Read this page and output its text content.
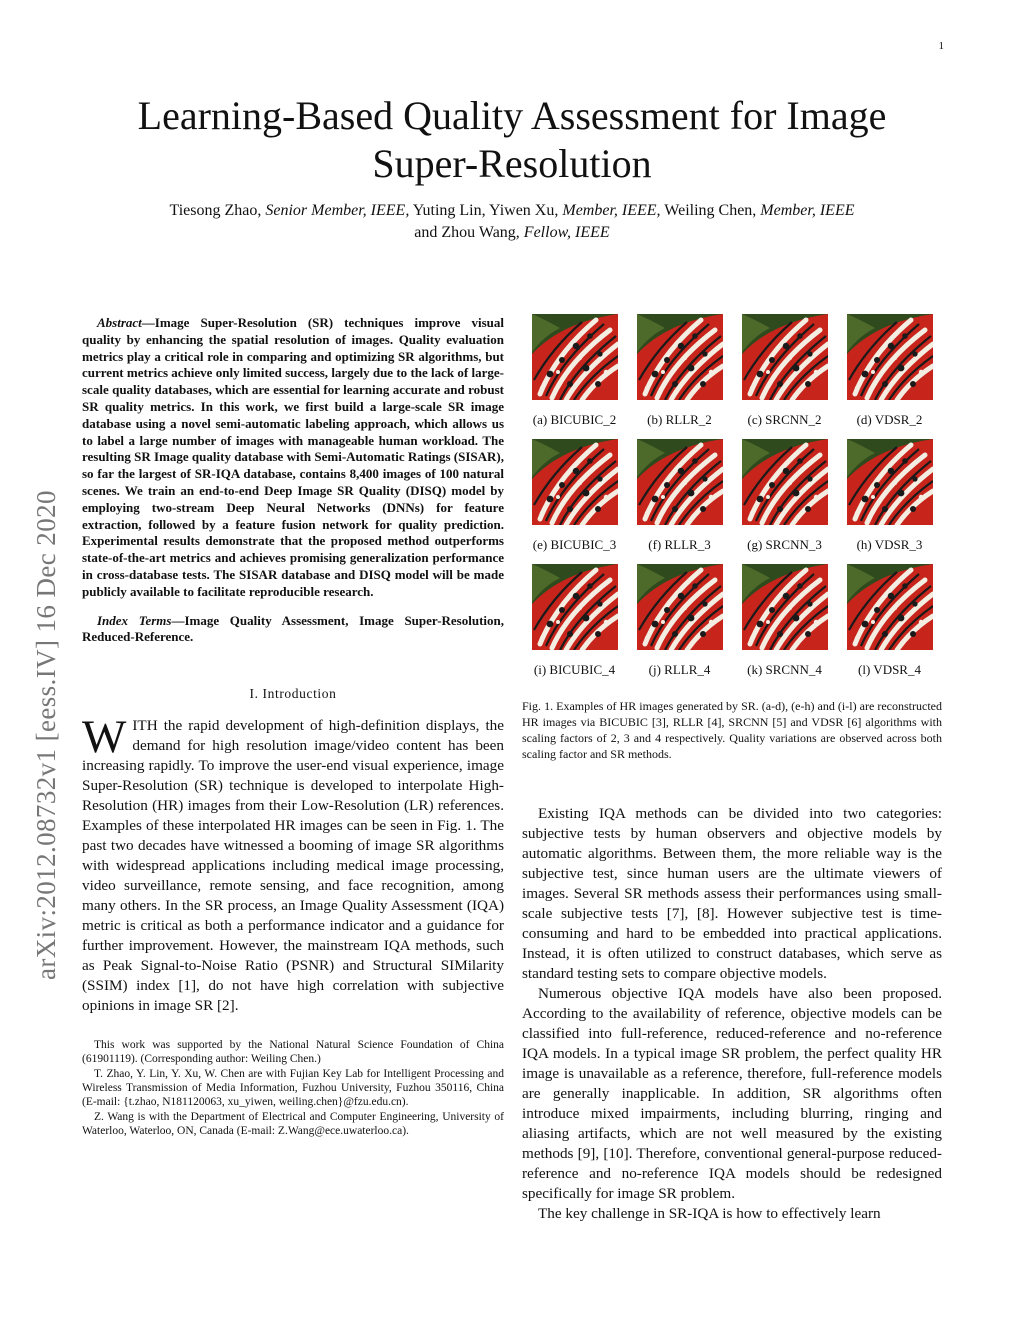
1
Learning-Based Quality Assessment for Image
Super-Resolution
Tiesong Zhao, Senior Member, IEEE, Yuting Lin, Yiwen Xu, Member, IEEE, Weiling Chen, Member, IEEE
and Zhou Wang, Fellow, IEEE
arXiv:2012.08732v1 [eess.IV] 16 Dec 2020

Abstract—Image Super-Resolution (SR) techniques improve visual quality by enhancing the spatial resolution of images. Quality evaluation metrics play a critical role in comparing and optimizing SR algorithms, but current metrics achieve only limited success, largely due to the lack of large-scale quality databases, which are essential for learning accurate and robust SR quality metrics. In this work, we first build a large-scale SR image database using a novel semi-automatic labeling approach, which allows us to label a large number of images with manageable human workload. The resulting SR Image quality database with Semi-Automatic Ratings (SISAR), so far the largest of SR-IQA database, contains 8,400 images of 100 natural scenes. We train an end-to-end Deep Image SR Quality (DISQ) model by employing two-stream Deep Neural Networks (DNNs) for feature extraction, followed by a feature fusion network for quality prediction. Experimental results demonstrate that the proposed method outperforms state-of-the-art metrics and achieves promising generalization performance in cross-database tests. The SISAR database and DISQ model will be made publicly available to facilitate reproducible research.

Index Terms—Image Quality Assessment, Image Super-Resolution, Reduced-Reference.

I. Introduction

WITH the rapid development of high-definition displays, the demand for high resolution image/video content has been increasing rapidly. To improve the user-end visual experience, image Super-Resolution (SR) technique is developed to interpolate High-Resolution (HR) images from their Low-Resolution (LR) references. Examples of these interpolated HR images can be seen in Fig. 1. The past two decades have witnessed a booming of image SR algorithms with widespread applications including medical image processing, video surveillance, remote sensing, and face recognition, among many others. In the SR process, an Image Quality Assessment (IQA) metric is critical as both a performance indicator and a guidance for further improvement. However, the mainstream IQA methods, such as Peak Signal-to-Noise Ratio (PSNR) and Structural SIMilarity (SSIM) index [1], do not have high correlation with subjective opinions in image SR [2].

This work was supported by the National Natural Science Foundation of China (61901119). (Corresponding author: Weiling Chen.)

T. Zhao, Y. Lin, Y. Xu, W. Chen are with Fujian Key Lab for Intelligent Processing and Wireless Transmission of Media Information, Fuzhou University, Fuzhou 350116, China (E-mail: {t.zhao, N181120063, xu_yiwen, weiling.chen}@fzu.edu.cn).

Z. Wang is with the Department of Electrical and Computer Engineering, University of Waterloo, Waterloo, ON, Canada (E-mail: Z.Wang@ece.uwaterloo.ca).

(a) BICUBIC_2 (b) RLLR_2	(c) SRCNN_2	(d) VDSR_2
(e) BICUBIC_3 (f) RLLR_3	(g) SRCNN_3	(h) VDSR_3
(i) BICUBIC_4	(j) RLLR_4	(k) SRCNN_4	(l) VDSR_4

Fig. 1. Examples of HR images generated by SR. (a-d), (e-h) and (i-l) are reconstructed HR images via BICUBIC [3], RLLR [4], SRCNN [5] and VDSR [6] algorithms with scaling factors of 2, 3 and 4 respectively. Quality variations are observed across both scaling factor and SR methods.

Existing IQA methods can be divided into two categories: subjective tests by human observers and objective models by automatic algorithms. Between them, the more reliable way is the subjective test, since human users are the ultimate viewers of images. Several SR methods assess their performances using small-scale subjective tests [7], [8]. However subjective test is time-consuming and hard to be embedded into practical applications. Instead, it is often utilized to construct databases, which serve as standard testing sets to compare objective models.

Numerous objective IQA models have also been proposed. According to the availability of reference, objective models can be classified into full-reference, reduced-reference and no-reference IQA models. In a typical image SR problem, the perfect quality HR image is unavailable as a reference, therefore, full-reference models are generally inapplicable. In addition, SR algorithms often introduce mixed impairments, including blurring, ringing and aliasing artifacts, which are not well measured by the existing methods [9], [10]. Therefore, conventional general-purpose reduced-reference and no-reference IQA models should be redesigned specifically for image SR problem.

The key challenge in SR-IQA is how to effectively learn
